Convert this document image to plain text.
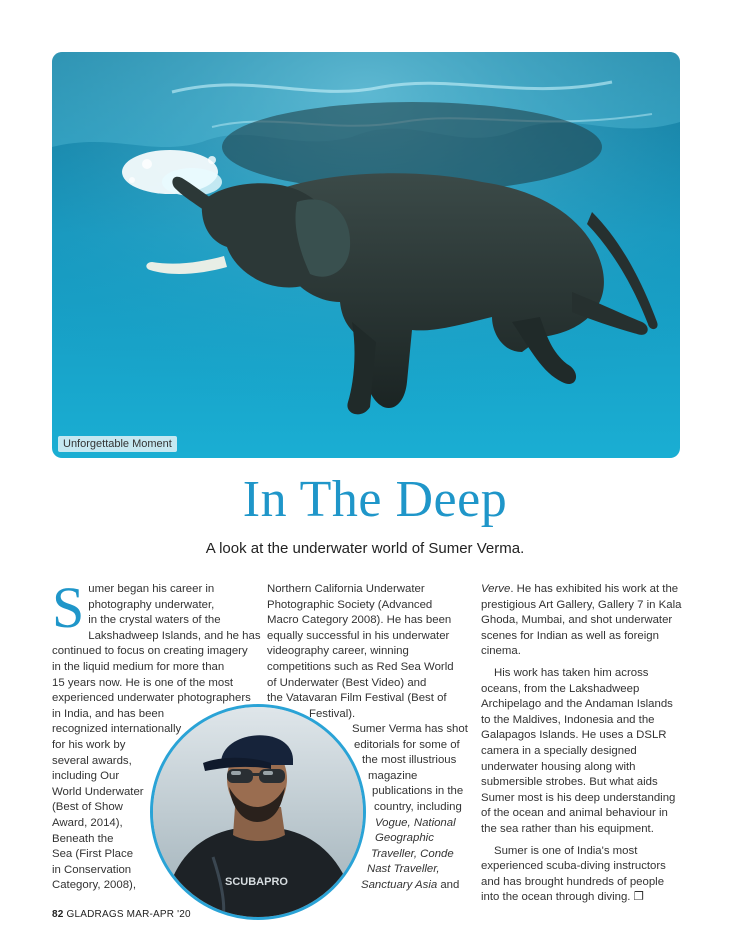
Unforgettable Moment
In The Deep
A look at the underwater world of Sumer Verma.
S umer began his career in
photography underwater,
in the crystal waters of the
Lakshadweep Islands, and he has
continued to focus on creating imagery
in the liquid medium for more than
15 years now. He is one of the most
experienced underwater photographers
in India, and has been
recognized internationally
for his work by
several awards,
including Our
World Underwater
(Best of Show
Award, 2014),
Beneath the
Sea (First Place
in Conservation
Category, 2008),
Northern California Underwater
Photographic Society (Advanced
Macro Category 2008). He has been
equally successful in his underwater
videography career, winning
competitions such as Red Sea World
of Underwater (Best Video) and
the Vatavaran Film Festival (Best of
Festival).
Sumer Verma has shot
editorials for some of
the most illustrious
magazine
publications in the
country, including
Vogue, National
Geographic
Traveller, Conde
Nast Traveller,
Sanctuary Asia and
Verve. He has exhibited his work at the
prestigious Art Gallery, Gallery 7 in Kala
Ghoda, Mumbai, and shot underwater
scenes for Indian as well as foreign
cinema.
His work has taken him across
oceans, from the Lakshadweep
Archipelago and the Andaman Islands
to the Maldives, Indonesia and the
Galapagos Islands. He uses a DSLR
camera in a specially designed
underwater housing along with
submersible strobes. But what aids
Sumer most is his deep understanding
of the ocean and animal behaviour in
the sea rather than his equipment.
Sumer is one of India's most
experienced scuba-diving instructors
and has brought hundreds of people
into the ocean through diving. ❐
SCUBAPRO
82 GLADRAGS MAR-APR '20
